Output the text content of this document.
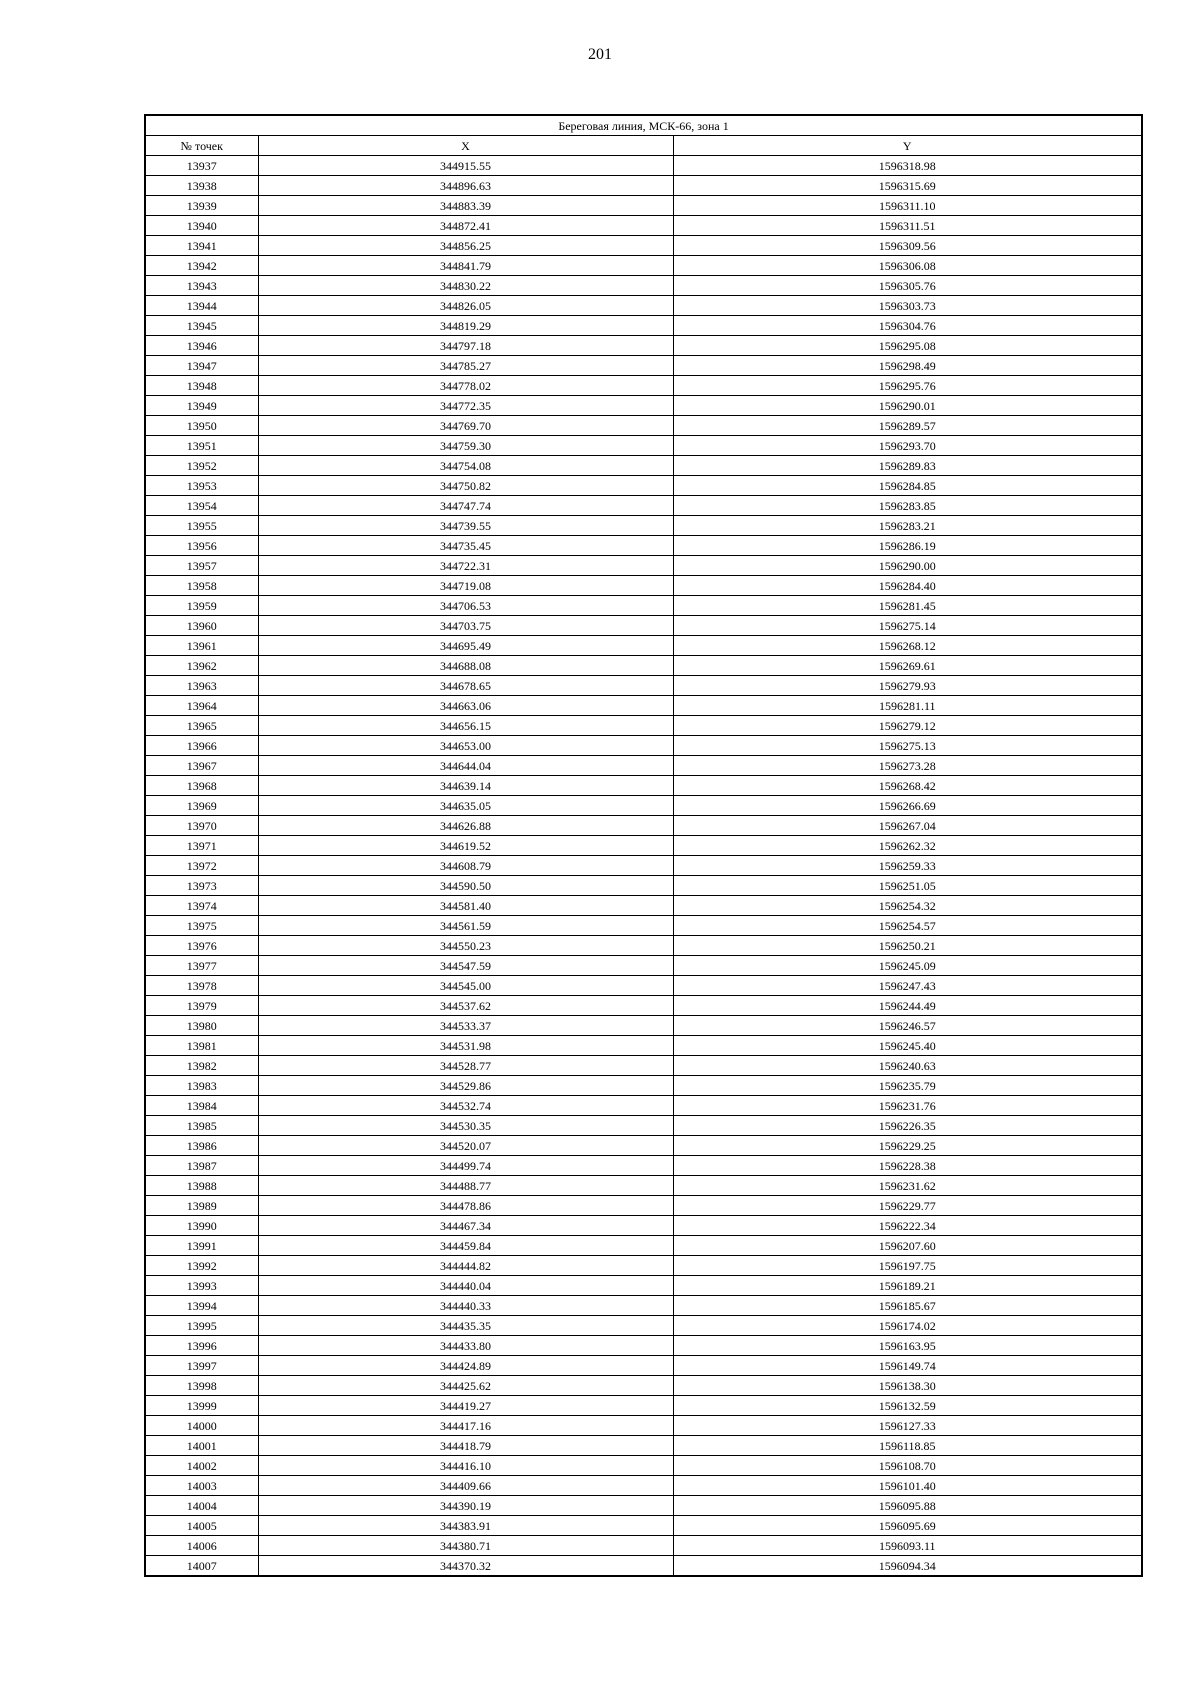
201
Береговая линия, МСК-66, зона 1		
№ точек	X	Y
13937	344915.55	1596318.98
13938	344896.63	1596315.69
13939	344883.39	1596311.10
13940	344872.41	1596311.51
13941	344856.25	1596309.56
13942	344841.79	1596306.08
13943	344830.22	1596305.76
13944	344826.05	1596303.73
13945	344819.29	1596304.76
13946	344797.18	1596295.08
13947	344785.27	1596298.49
13948	344778.02	1596295.76
13949	344772.35	1596290.01
13950	344769.70	1596289.57
13951	344759.30	1596293.70
13952	344754.08	1596289.83
13953	344750.82	1596284.85
13954	344747.74	1596283.85
13955	344739.55	1596283.21
13956	344735.45	1596286.19
13957	344722.31	1596290.00
13958	344719.08	1596284.40
13959	344706.53	1596281.45
13960	344703.75	1596275.14
13961	344695.49	1596268.12
13962	344688.08	1596269.61
13963	344678.65	1596279.93
13964	344663.06	1596281.11
13965	344656.15	1596279.12
13966	344653.00	1596275.13
13967	344644.04	1596273.28
13968	344639.14	1596268.42
13969	344635.05	1596266.69
13970	344626.88	1596267.04
13971	344619.52	1596262.32
13972	344608.79	1596259.33
13973	344590.50	1596251.05
13974	344581.40	1596254.32
13975	344561.59	1596254.57
13976	344550.23	1596250.21
13977	344547.59	1596245.09
13978	344545.00	1596247.43
13979	344537.62	1596244.49
13980	344533.37	1596246.57
13981	344531.98	1596245.40
13982	344528.77	1596240.63
13983	344529.86	1596235.79
13984	344532.74	1596231.76
13985	344530.35	1596226.35
13986	344520.07	1596229.25
13987	344499.74	1596228.38
13988	344488.77	1596231.62
13989	344478.86	1596229.77
13990	344467.34	1596222.34
13991	344459.84	1596207.60
13992	344444.82	1596197.75
13993	344440.04	1596189.21
13994	344440.33	1596185.67
13995	344435.35	1596174.02
13996	344433.80	1596163.95
13997	344424.89	1596149.74
13998	344425.62	1596138.30
13999	344419.27	1596132.59
14000	344417.16	1596127.33
14001	344418.79	1596118.85
14002	344416.10	1596108.70
14003	344409.66	1596101.40
14004	344390.19	1596095.88
14005	344383.91	1596095.69
14006	344380.71	1596093.11
14007	344370.32	1596094.34
